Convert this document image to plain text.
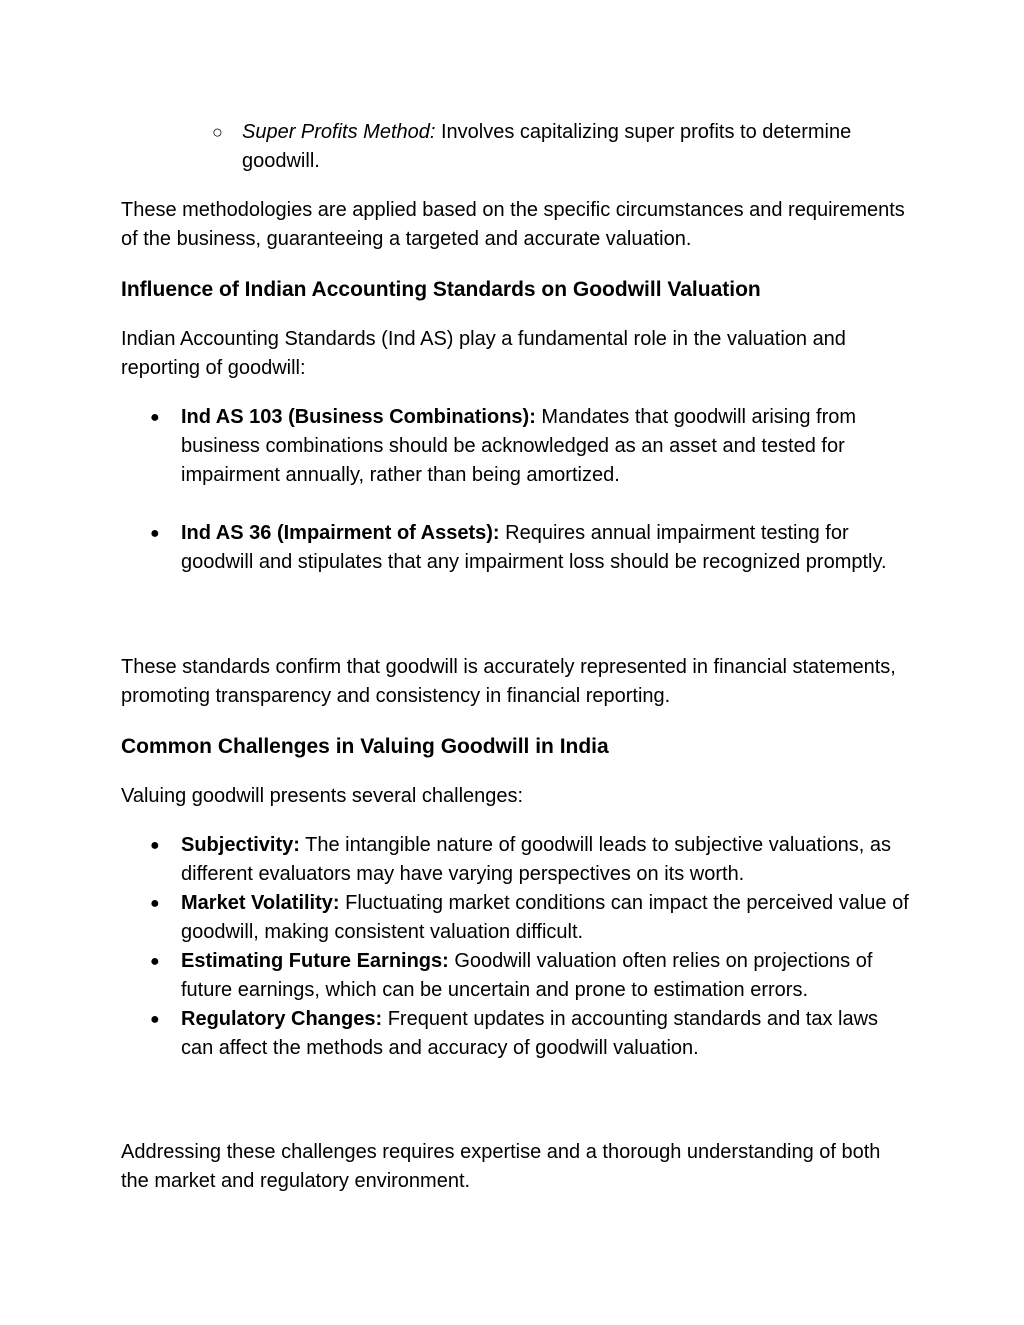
○ Super Profits Method: Involves capitalizing super profits to determine goodwill.

These methodologies are applied based on the specific circumstances and requirements of the business, guaranteeing a targeted and accurate valuation.

Influence of Indian Accounting Standards on Goodwill Valuation

Indian Accounting Standards (Ind AS) play a fundamental role in the valuation and reporting of goodwill:

● Ind AS 103 (Business Combinations): Mandates that goodwill arising from business combinations should be acknowledged as an asset and tested for impairment annually, rather than being amortized.
● Ind AS 36 (Impairment of Assets): Requires annual impairment testing for goodwill and stipulates that any impairment loss should be recognized promptly.

These standards confirm that goodwill is accurately represented in financial statements, promoting transparency and consistency in financial reporting.

Common Challenges in Valuing Goodwill in India

Valuing goodwill presents several challenges:

● Subjectivity: The intangible nature of goodwill leads to subjective valuations, as different evaluators may have varying perspectives on its worth.
● Market Volatility: Fluctuating market conditions can impact the perceived value of goodwill, making consistent valuation difficult.
● Estimating Future Earnings: Goodwill valuation often relies on projections of future earnings, which can be uncertain and prone to estimation errors.
● Regulatory Changes: Frequent updates in accounting standards and tax laws can affect the methods and accuracy of goodwill valuation.

Addressing these challenges requires expertise and a thorough understanding of both the market and regulatory environment.
